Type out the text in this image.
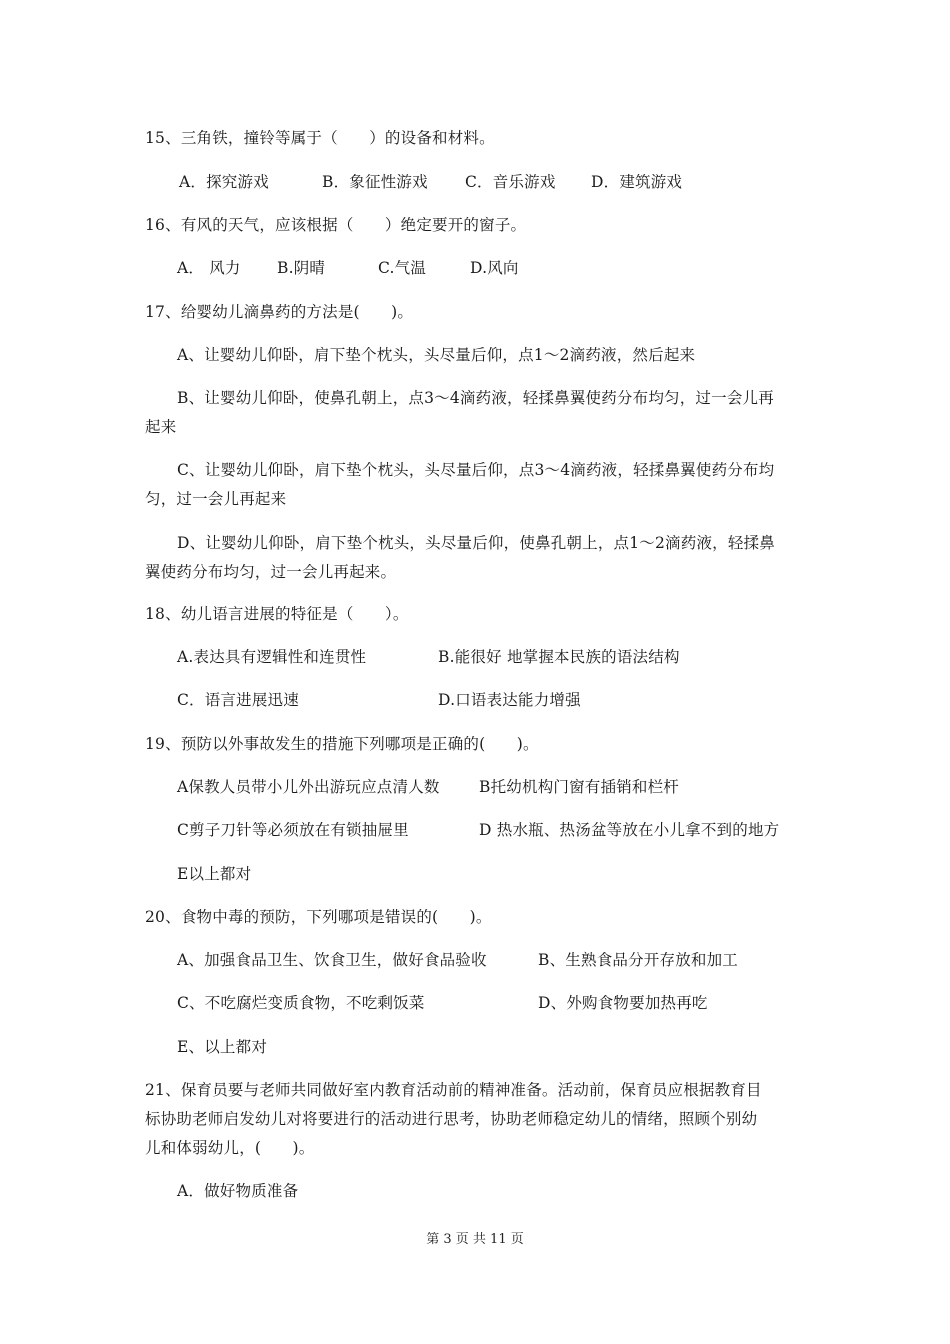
15、三角铁，撞铃等属于（　　）的设备和材料。
A．探究游戏	B．象征性游戏 C．音乐游戏 D．建筑游戏
16、有风的天气，应该根据（　　）绝定要开的窗子。
A． 风力 B.阴晴	C.气温	D.风向
17、给婴幼儿滴鼻药的方法是(　　)。
A、让婴幼儿仰卧，肩下垫个枕头，头尽量后仰，点1～2滴药液，然后起来
B、让婴幼儿仰卧，使鼻孔朝上，点3～4滴药液，轻揉鼻翼使药分布均匀，过一会儿再
起来
C、让婴幼儿仰卧，肩下垫个枕头，头尽量后仰，点3～4滴药液，轻揉鼻翼使药分布均
匀，过一会儿再起来
D、让婴幼儿仰卧，肩下垫个枕头，头尽量后仰，使鼻孔朝上，点1～2滴药液，轻揉鼻
翼使药分布均匀，过一会儿再起来。
18、幼儿语言进展的特征是（　　）。
A.表达具有逻辑性和连贯性	B.能很好 地掌握本民族的语法结构
C．语言进展迅速	D.口语表达能力增强
19、预防以外事故发生的措施下列哪项是正确的(　　)。
A保教人员带小儿外出游玩应点清人数	B托幼机构门窗有插销和栏杆
C剪子刀针等必须放在有锁抽屉里	D 热水瓶、热汤盆等放在小儿拿不到的地方
E以上都对
20、食物中毒的预防，下列哪项是错误的(　　)。
A、加强食品卫生、饮食卫生，做好食品验收	B、生熟食品分开存放和加工
C、不吃腐烂变质食物，不吃剩饭菜	D、外购食物要加热再吃
E、以上都对
21、保育员要与老师共同做好室内教育活动前的精神准备。活动前，保育员应根据教育目
标协助老师启发幼儿对将要进行的活动进行思考，协助老师稳定幼儿的情绪，照顾个别幼
儿和体弱幼儿，(　　)。
A．做好物质准备
第 3 页 共 11 页
